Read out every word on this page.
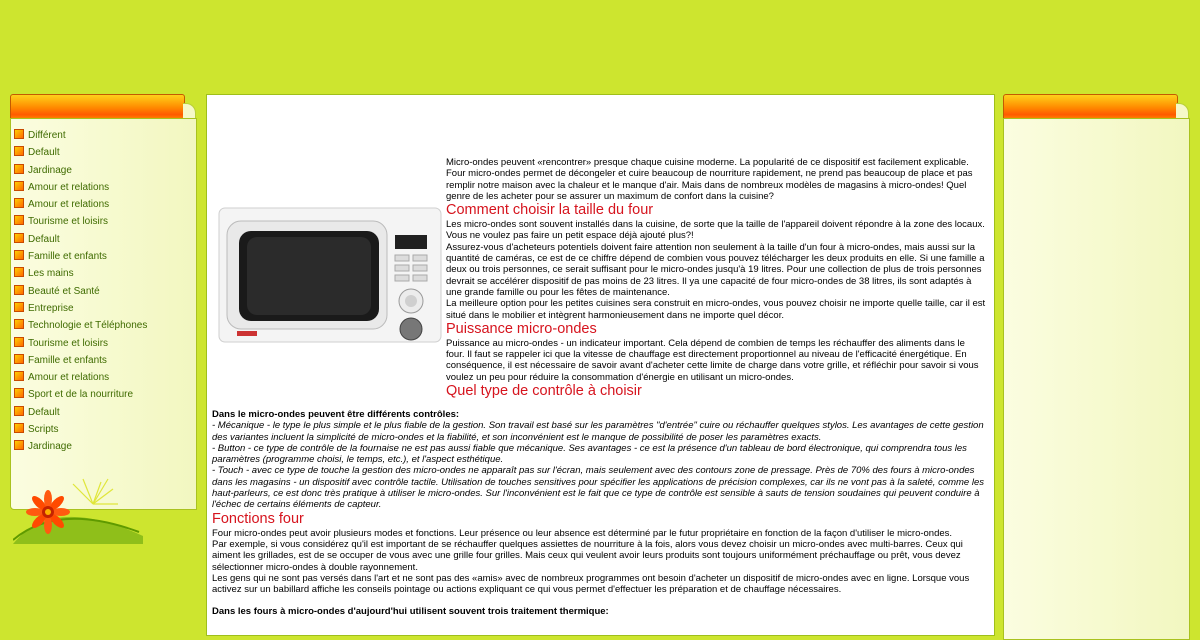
Différent
Default
Jardinage
Amour et relations
Amour et relations
Tourisme et loisirs
Default
Famille et enfants
Les mains
Beauté et Santé
Entreprise
Technologie et Téléphones
Tourisme et loisirs
Famille et enfants
Amour et relations
Sport et de la nourriture
Default
Scripts
Jardinage

Micro-ondes peuvent «rencontrer» presque chaque cuisine moderne. La popularité de ce dispositif est facilement explicable. Four micro-ondes permet de décongeler et cuire beaucoup de nourriture rapidement, ne prend pas beaucoup de place et pas remplir notre maison avec la chaleur et le manque d'air. Mais dans de nombreux modèles de magasins à micro-ondes! Quel genre de les acheter pour se assurer un maximum de confort dans la cuisine?

Comment choisir la taille du four

Les micro-ondes sont souvent installés dans la cuisine, de sorte que la taille de l'appareil doivent répondre à la zone des locaux. Vous ne voulez pas faire un petit espace déjà ajouté plus?!

Assurez-vous d'acheteurs potentiels doivent faire attention non seulement à la taille d'un four à micro-ondes, mais aussi sur la quantité de caméras, ce est de ce chiffre dépend de combien vous pouvez télécharger les deux produits en elle. Si une famille a deux ou trois personnes, ce serait suffisant pour le micro-ondes jusqu'à 19 litres. Pour une collection de plus de trois personnes devrait se accélérer dispositif de pas moins de 23 litres. Il ya une capacité de four micro-ondes de 38 litres, ils sont adaptés à une grande famille ou pour les fêtes de maintenance.

La meilleure option pour les petites cuisines sera construit en micro-ondes, vous pouvez choisir ne importe quelle taille, car il est situé dans le mobilier et intègrent harmonieusement dans ne importe quel décor.

Puissance micro-ondes

Puissance au micro-ondes - un indicateur important. Cela dépend de combien de temps les réchauffer des aliments dans le four. Il faut se rappeler ici que la vitesse de chauffage est directement proportionnel au niveau de l'efficacité énergétique. En conséquence, il est nécessaire de savoir avant d'acheter cette limite de charge dans votre grille, et réfléchir pour savoir si vous voulez un peu pour réduire la consommation d'énergie en utilisant un micro-ondes.

Quel type de contrôle à choisir

Dans le micro-ondes peuvent être différents contrôles:

- Mécanique - le type le plus simple et le plus fiable de la gestion. Son travail est basé sur les paramètres "d'entrée" cuire ou réchauffer quelques stylos. Les avantages de cette gestion des variantes incluent la simplicité de micro-ondes et la fiabilité, et son inconvénient est le manque de possibilité de poser les paramètres exacts.

- Button - ce type de contrôle de la fournaise ne est pas aussi fiable que mécanique. Ses avantages - ce est la présence d'un tableau de bord électronique, qui comprendra tous les paramètres (programme choisi, le temps, etc.), et l'aspect esthétique.

- Touch - avec ce type de touche la gestion des micro-ondes ne apparaît pas sur l'écran, mais seulement avec des contours zone de pressage. Près de 70% des fours à micro-ondes dans les magasins - un dispositif avec contrôle tactile. Utilisation de touches sensitives pour spécifier les applications de précision complexes, car ils ne vont pas à la saleté, comme les haut-parleurs, ce est donc très pratique à utiliser le micro-ondes. Sur l'inconvénient est le fait que ce type de contrôle est sensible à sauts de tension soudaines qui peuvent conduire à l'échec de certains éléments de capteur.

Fonctions four

Four micro-ondes peut avoir plusieurs modes et fonctions. Leur présence ou leur absence est déterminé par le futur propriétaire en fonction de la façon d'utiliser le micro-ondes.

Par exemple, si vous considérez qu'il est important de se réchauffer quelques assiettes de nourriture à la fois, alors vous devez choisir un micro-ondes avec multi-barres. Ceux qui aiment les grillades, est de se occuper de vous avec une grille four grilles. Mais ceux qui veulent avoir leurs produits sont toujours uniformément préchauffage ou prêt, vous devez sélectionner micro-ondes à double rayonnement.

Les gens qui ne sont pas versés dans l'art et ne sont pas des «amis» avec de nombreux programmes ont besoin d'acheter un dispositif de micro-ondes avec en ligne. Lorsque vous activez sur un babillard affiche les conseils pointage ou actions expliquant ce qui vous permet d'effectuer les préparation et de chauffage nécessaires.

Dans les fours à micro-ondes d'aujourd'hui utilisent souvent trois traitement thermique:
